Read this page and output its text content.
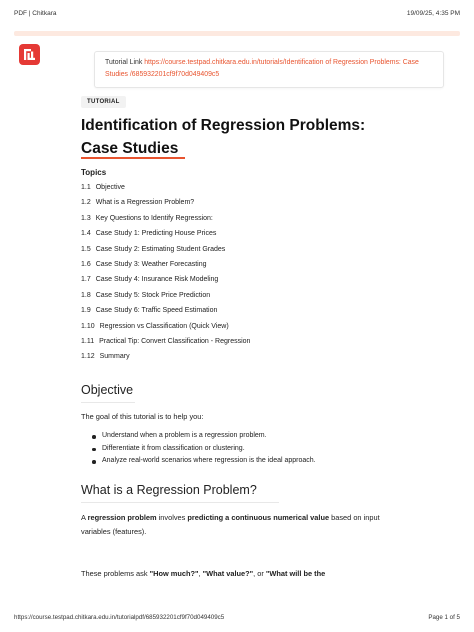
PDF | Chitkara	19/09/25, 4:35 PM
Tutorial Link https://course.testpad.chitkara.edu.in/tutorials/Identification of Regression Problems: Case Studies /685932201cf9f70d049409c5
TUTORIAL
Identification of Regression Problems: Case Studies
Topics
1.1 Objective
1.2 What is a Regression Problem?
1.3 Key Questions to Identify Regression:
1.4 Case Study 1: Predicting House Prices
1.5 Case Study 2: Estimating Student Grades
1.6 Case Study 3: Weather Forecasting
1.7 Case Study 4: Insurance Risk Modeling
1.8 Case Study 5: Stock Price Prediction
1.9 Case Study 6: Traffic Speed Estimation
1.10 Regression vs Classification (Quick View)
1.11 Practical Tip: Convert Classification - Regression
1.12 Summary
Objective

The goal of this tutorial is to help you:

Understand when a problem is a regression problem.
Differentiate it from classification or clustering.
Analyze real-world scenarios where regression is the ideal approach.
What is a Regression Problem?

A regression problem involves predicting a continuous numerical value based on input variables (features).

These problems ask "How much?", "What value?", or "What will be the

https://course.testpad.chitkara.edu.in/tutorialpdf/685932201cf9f70d049409c5	Page 1 of 5
